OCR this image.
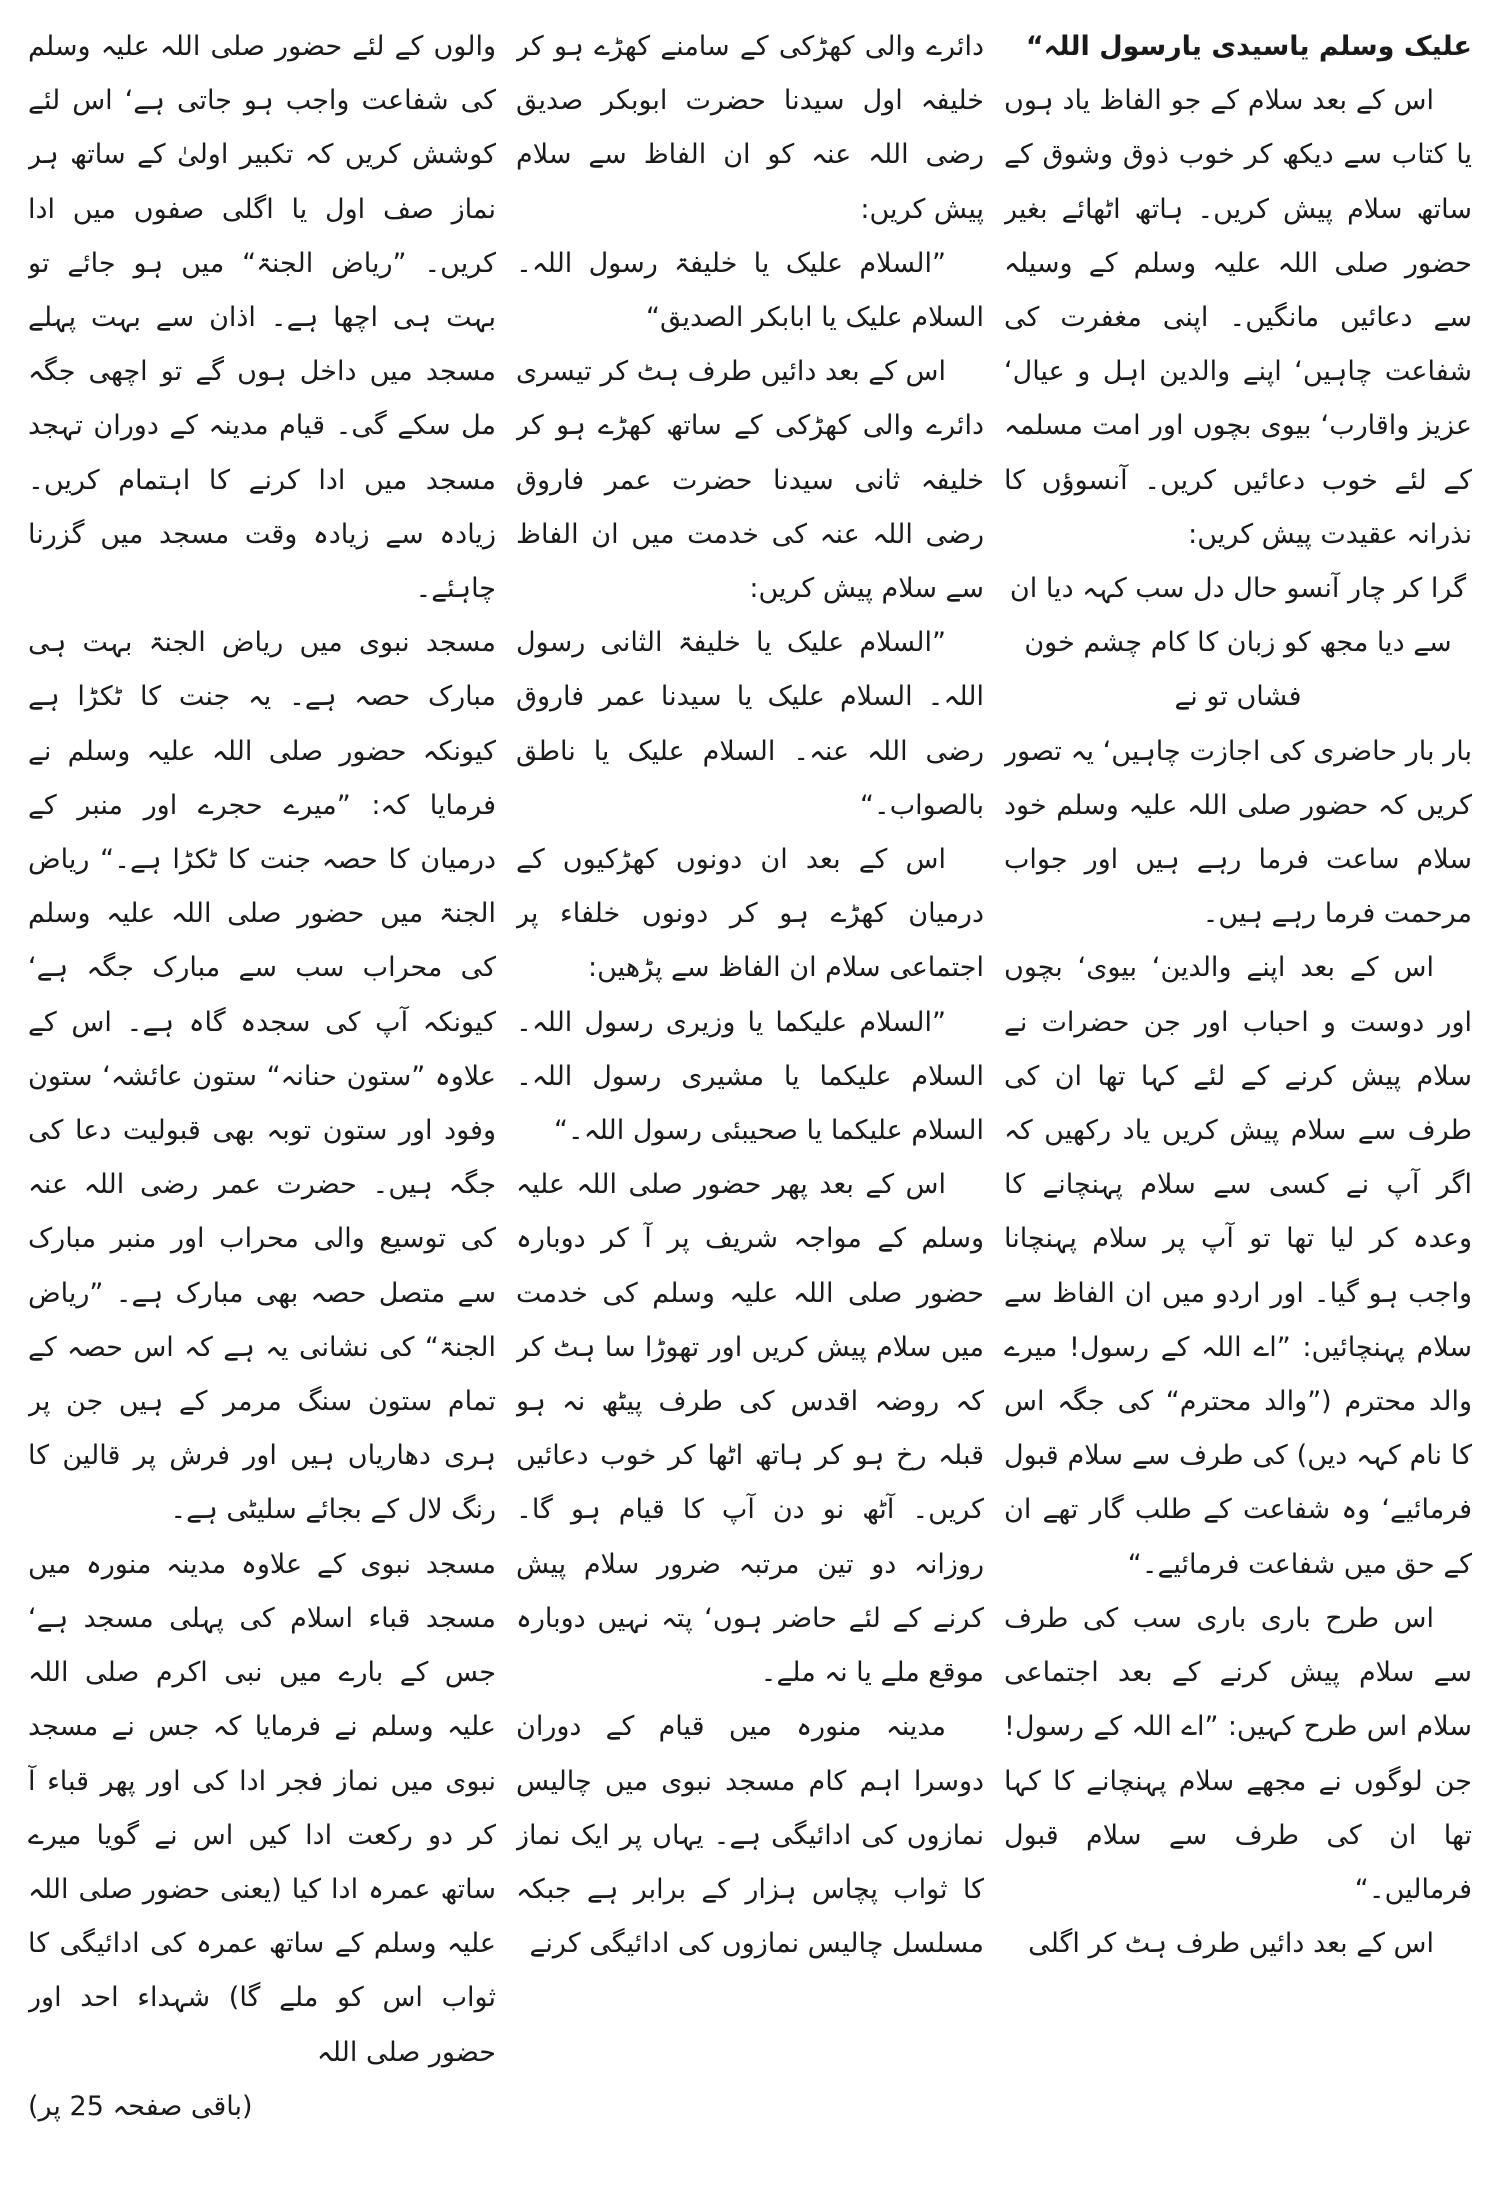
علیک وسلم یاسیدی یارسول اللہ“

اس کے بعد سلام کے جو الفاظ یاد ہوں یا کتاب سے دیکھ کر خوب ذوق وشوق کے ساتھ سلام پیش کریں۔ ہاتھ اٹھائے بغیر حضور صلی اللہ علیہ وسلم کے وسیلہ سے دعائیں مانگیں۔ اپنی مغفرت کی شفاعت چاہیں‘ اپنے والدین اہل و عیال‘ عزیز واقارب‘ بیوی بچوں اور امت مسلمہ کے لئے خوب دعائیں کریں۔ آنسوؤں کا نذرانہ عقیدت پیش کریں:

گرا کر چار آنسو حال دل سب کہہ دیا ان سے دیا مجھ کو زبان کا کام چشم خون فشاں تو نے

بار بار حاضری کی اجازت چاہیں‘ یہ تصور کریں کہ حضور صلی اللہ علیہ وسلم خود سلام ساعت فرما رہے ہیں اور جواب مرحمت فرما رہے ہیں۔

اس کے بعد اپنے والدین‘ بیوی‘ بچوں اور دوست و احباب اور جن حضرات نے سلام پیش کرنے کے لئے کہا تھا ان کی طرف سے سلام پیش کریں یاد رکھیں کہ اگر آپ نے کسی سے سلام پہنچانے کا وعدہ کر لیا تھا تو آپ پر سلام پہنچانا واجب ہو گیا۔ اور اردو میں ان الفاظ سے سلام پہنچائیں: ”اے اللہ کے رسول! میرے والد محترم (”والد محترم“ کی جگہ اس کا نام کہہ دیں) کی طرف سے سلام قبول فرمائیے‘ وہ شفاعت کے طلب گار تھے ان کے حق میں شفاعت فرمائیے۔“

اس طرح باری باری سب کی طرف سے سلام پیش کرنے کے بعد اجتماعی سلام اس طرح کہیں: ”اے اللہ کے رسول! جن لوگوں نے مجھے سلام پہنچانے کا کہا تھا ان کی طرف سے سلام قبول فرمالیں۔“

اس کے بعد دائیں طرف ہٹ کر اگلی

دائرے والی کھڑکی کے سامنے کھڑے ہو کر خلیفہ اول سیدنا حضرت ابوبکر صدیق رضی اللہ عنہ کو ان الفاظ سے سلام پیش کریں:

”السلام علیک یا خلیفۃ رسول اللہ۔ السلام علیک یا ابابکر الصدیق“

اس کے بعد دائیں طرف ہٹ کر تیسری دائرے والی کھڑکی کے ساتھ کھڑے ہو کر خلیفہ ثانی سیدنا حضرت عمر فاروق رضی اللہ عنہ کی خدمت میں ان الفاظ سے سلام پیش کریں:

”السلام علیک یا خلیفۃ الثانی رسول اللہ۔ السلام علیک یا سیدنا عمر فاروق رضی اللہ عنہ۔ السلام علیک یا ناطق بالصواب۔“

اس کے بعد ان دونوں کھڑکیوں کے درمیان کھڑے ہو کر دونوں خلفاء پر اجتماعی سلام ان الفاظ سے پڑھیں:

”السلام علیکما یا وزیری رسول اللہ۔ السلام علیکما یا مشیری رسول اللہ۔ السلام علیکما یا صحیبئی رسول اللہ۔“

اس کے بعد پھر حضور صلی اللہ علیہ وسلم کے مواجہ شریف پر آ کر دوبارہ حضور صلی اللہ علیہ وسلم کی خدمت میں سلام پیش کریں اور تھوڑا سا ہٹ کر کہ روضہ اقدس کی طرف پیٹھ نہ ہو قبلہ رخ ہو کر ہاتھ اٹھا کر خوب دعائیں کریں۔ آٹھ نو دن آپ کا قیام ہو گا۔ روزانہ دو تین مرتبہ ضرور سلام پیش کرنے کے لئے حاضر ہوں‘ پتہ نہیں دوبارہ موقع ملے یا نہ ملے۔

مدینہ منورہ میں قیام کے دوران دوسرا اہم کام مسجد نبوی میں چالیس نمازوں کی ادائیگی ہے۔ یہاں پر ایک نماز کا ثواب پچاس ہزار کے برابر ہے جبکہ مسلسل چالیس نمازوں کی ادائیگی کرنے

والوں کے لئے حضور صلی اللہ علیہ وسلم کی شفاعت واجب ہو جاتی ہے‘ اس لئے کوشش کریں کہ تکبیر اولیٰ کے ساتھ ہر نماز صف اول یا اگلی صفوں میں ادا کریں۔ ”ریاض الجنۃ“ میں ہو جائے تو بہت ہی اچھا ہے۔ اذان سے بہت پہلے مسجد میں داخل ہوں گے تو اچھی جگہ مل سکے گی۔ قیام مدینہ کے دوران تہجد مسجد میں ادا کرنے کا اہتمام کریں۔ زیادہ سے زیادہ وقت مسجد میں گزرنا چاہئے۔

مسجد نبوی میں ریاض الجنۃ بہت ہی مبارک حصہ ہے۔ یہ جنت کا ٹکڑا ہے کیونکہ حضور صلی اللہ علیہ وسلم نے فرمایا کہ: ”میرے حجرے اور منبر کے درمیان کا حصہ جنت کا ٹکڑا ہے۔“ ریاض الجنۃ میں حضور صلی اللہ علیہ وسلم کی محراب سب سے مبارک جگہ ہے‘ کیونکہ آپ کی سجدہ گاہ ہے۔ اس کے علاوہ ”ستون حنانہ“ ستون عائشہ‘ ستون وفود اور ستون توبہ بھی قبولیت دعا کی جگہ ہیں۔ حضرت عمر رضی اللہ عنہ کی توسیع والی محراب اور منبر مبارک سے متصل حصہ بھی مبارک ہے۔ ”ریاض الجنۃ“ کی نشانی یہ ہے کہ اس حصہ کے تمام ستون سنگ مرمر کے ہیں جن پر ہری دھاریاں ہیں اور فرش پر قالین کا رنگ لال کے بجائے سلیٹی ہے۔

مسجد نبوی کے علاوہ مدینہ منورہ میں مسجد قباء اسلام کی پہلی مسجد ہے‘ جس کے بارے میں نبی اکرم صلی اللہ علیہ وسلم نے فرمایا کہ جس نے مسجد نبوی میں نماز فجر ادا کی اور پھر قباء آ کر دو رکعت ادا کیں اس نے گویا میرے ساتھ عمرہ ادا کیا (یعنی حضور صلی اللہ علیہ وسلم کے ساتھ عمرہ کی ادائیگی کا ثواب اس کو ملے گا) شہداء احد اور حضور صلی اللہ

(باقی صفحہ 25 پر)
